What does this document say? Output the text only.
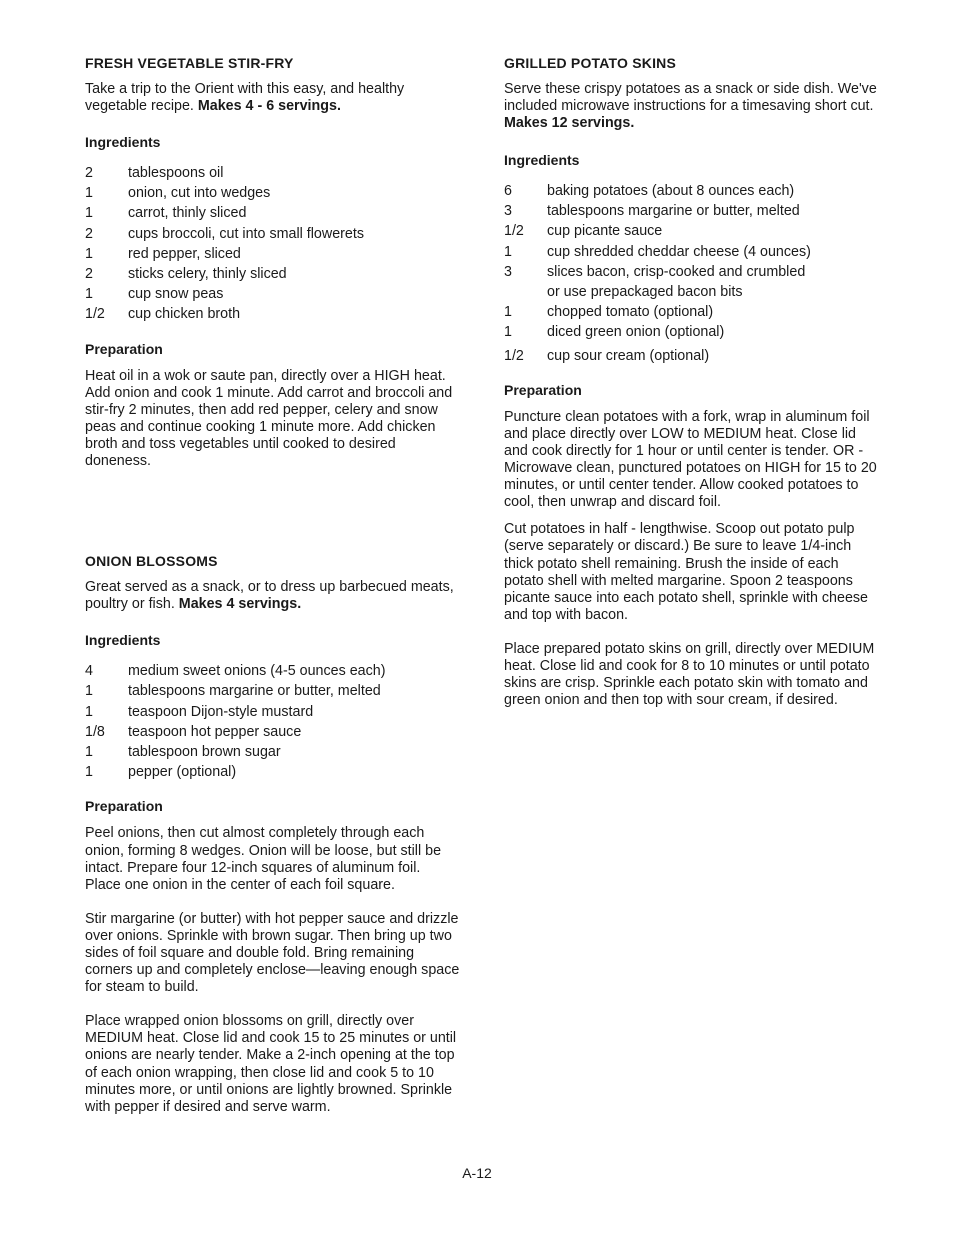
FRESH VEGETABLE STIR-FRY

Take a trip to the Orient with this easy, and healthy vegetable recipe. Makes 4 - 6 servings.

Ingredients
2	tablespoons oil
1	onion, cut into wedges
1	carrot, thinly sliced
2	cups broccoli, cut into small flowerets
1	red pepper, sliced
2	sticks celery, thinly sliced
1	cup snow peas
1/2	cup chicken broth
Preparation

Heat oil in a wok or saute pan, directly over a HIGH heat. Add onion and cook 1 minute. Add carrot and broccoli and stir-fry 2 minutes, then add red pepper, celery and snow peas and continue cooking 1 minute more. Add chicken broth and toss vegetables until cooked to desired doneness.

ONION BLOSSOMS

Great served as a snack, or to dress up barbecued meats, poultry or fish. Makes 4 servings.

Ingredients
4	medium sweet onions (4-5 ounces each)
1	tablespoons margarine or butter, melted
1	teaspoon Dijon-style mustard
1/8	teaspoon hot pepper sauce
1	tablespoon brown sugar
1	pepper (optional)
Preparation

Peel onions, then cut almost completely through each onion, forming 8 wedges. Onion will be loose, but still be intact. Prepare four 12-inch squares of aluminum foil. Place one onion in the center of each foil square.

Stir margarine (or butter) with hot pepper sauce and drizzle over onions. Sprinkle with brown sugar. Then bring up two sides of foil square and double fold. Bring remaining corners up and completely enclose—leaving enough space for steam to build.

Place wrapped onion blossoms on grill, directly over MEDIUM heat. Close lid and cook 15 to 25 minutes or until onions are nearly tender. Make a 2-inch opening at the top of each onion wrapping, then close lid and cook 5 to 10 minutes more, or until onions are lightly browned. Sprinkle with pepper if desired and serve warm.

GRILLED POTATO SKINS

Serve these crispy potatoes as a snack or side dish. We've included microwave instructions for a timesaving short cut. Makes 12 servings.

Ingredients
6	baking potatoes (about 8 ounces each)
3	tablespoons margarine or butter, melted
1/2	cup picante sauce
1	cup shredded cheddar cheese (4 ounces)
3	slices bacon, crisp-cooked and crumbled
or use prepackaged bacon bits
1	chopped tomato (optional)
1	diced green onion (optional)
1/2	cup sour cream (optional)
Preparation

Puncture clean potatoes with a fork, wrap in aluminum foil and place directly over LOW to MEDIUM heat. Close lid and cook directly for 1 hour or until center is tender. OR - Microwave clean, punctured potatoes on HIGH for 15 to 20 minutes, or until center tender. Allow cooked potatoes to cool, then unwrap and discard foil.

Cut potatoes in half - lengthwise. Scoop out potato pulp (serve separately or discard.) Be sure to leave 1/4-inch thick potato shell remaining. Brush the inside of each potato shell with melted margarine. Spoon 2 teaspoons picante sauce into each potato shell, sprinkle with cheese and top with bacon.

Place prepared potato skins on grill, directly over MEDIUM heat. Close lid and cook for 8 to 10 minutes or until potato skins are crisp. Sprinkle each potato skin with tomato and green onion and then top with sour cream, if desired.

A-12
